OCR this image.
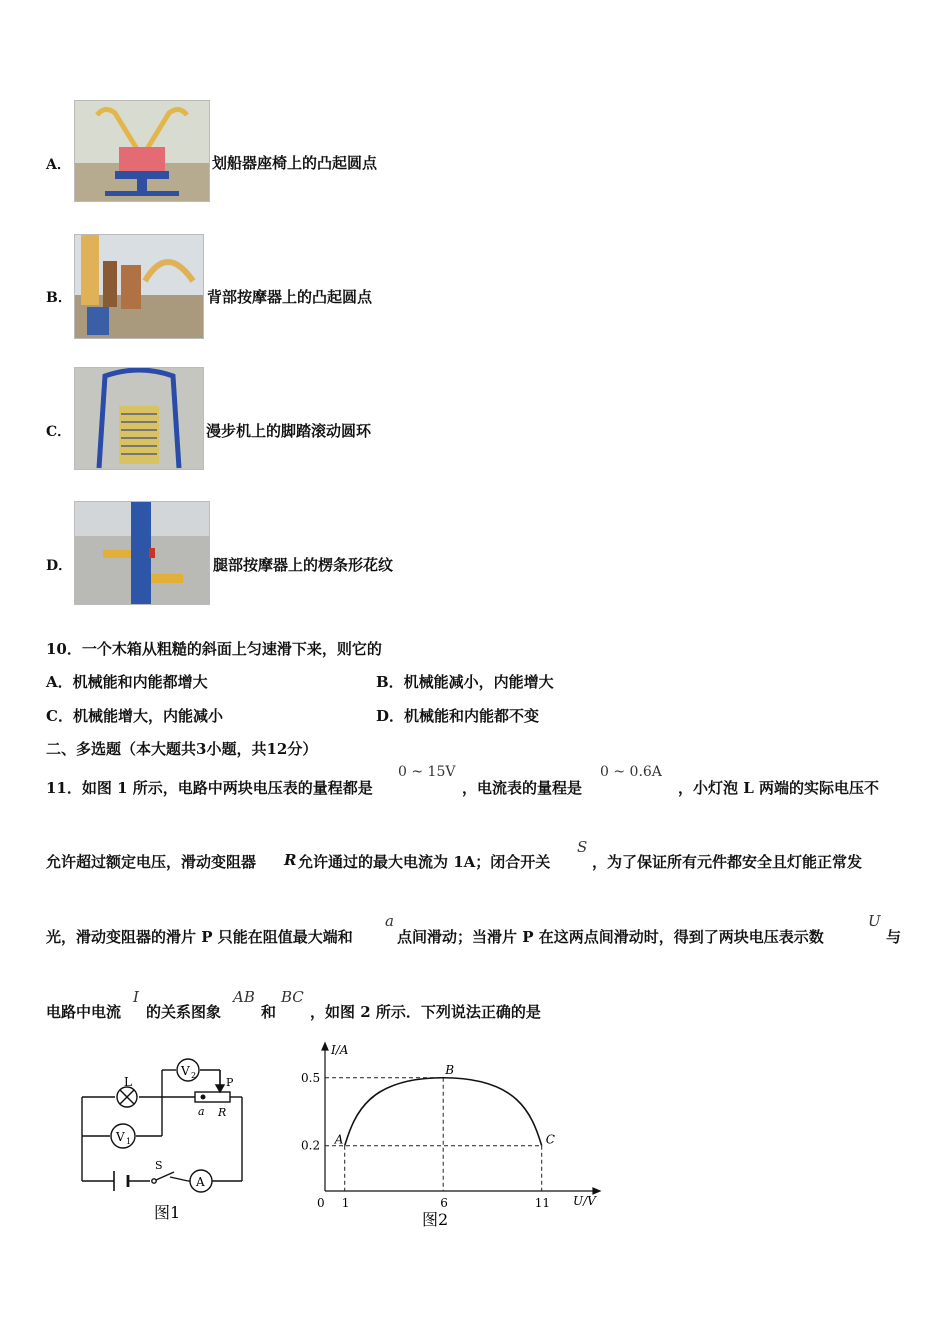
A．	划船器座椅上的凸起圆点
B．	背部按摩器上的凸起圆点
C．	漫步机上的脚踏滚动圆环
D．	腿部按摩器上的楞条形花纹
10．一个木箱从粗糙的斜面上匀速滑下来，则它的
A．机械能和内能都增大	B．机械能减小，内能增大
C．机械能增大，内能减小	D．机械能和内能都不变
二、多选题（本大题共3小题，共12分）
11．如图 1 所示，电路中两块电压表的量程都是
0 ~ 15V
，电流表的量程是
0 ~ 0.6A
，小灯泡 L 两端的实际电压不
允许超过额定电压，滑动变阻器 R 允许通过的最大电流为 1A；闭合开关
S
，为了保证所有元件都安全且灯能正常发
光，滑动变阻器的滑片 P 只能在阻值最大端和
a
点间滑动；当滑片 P 在这两点间滑动时，得到了两块电压表示数
U
与
电路中电流
I
的关系图象
AB
和
BC
，如图 2 所示．下列说法正确的是
L
V 2
V 1
P
a R
S
A
图1
A
B
C
1	6	11
0.5
0.2
I/A
U/V
0
图2
